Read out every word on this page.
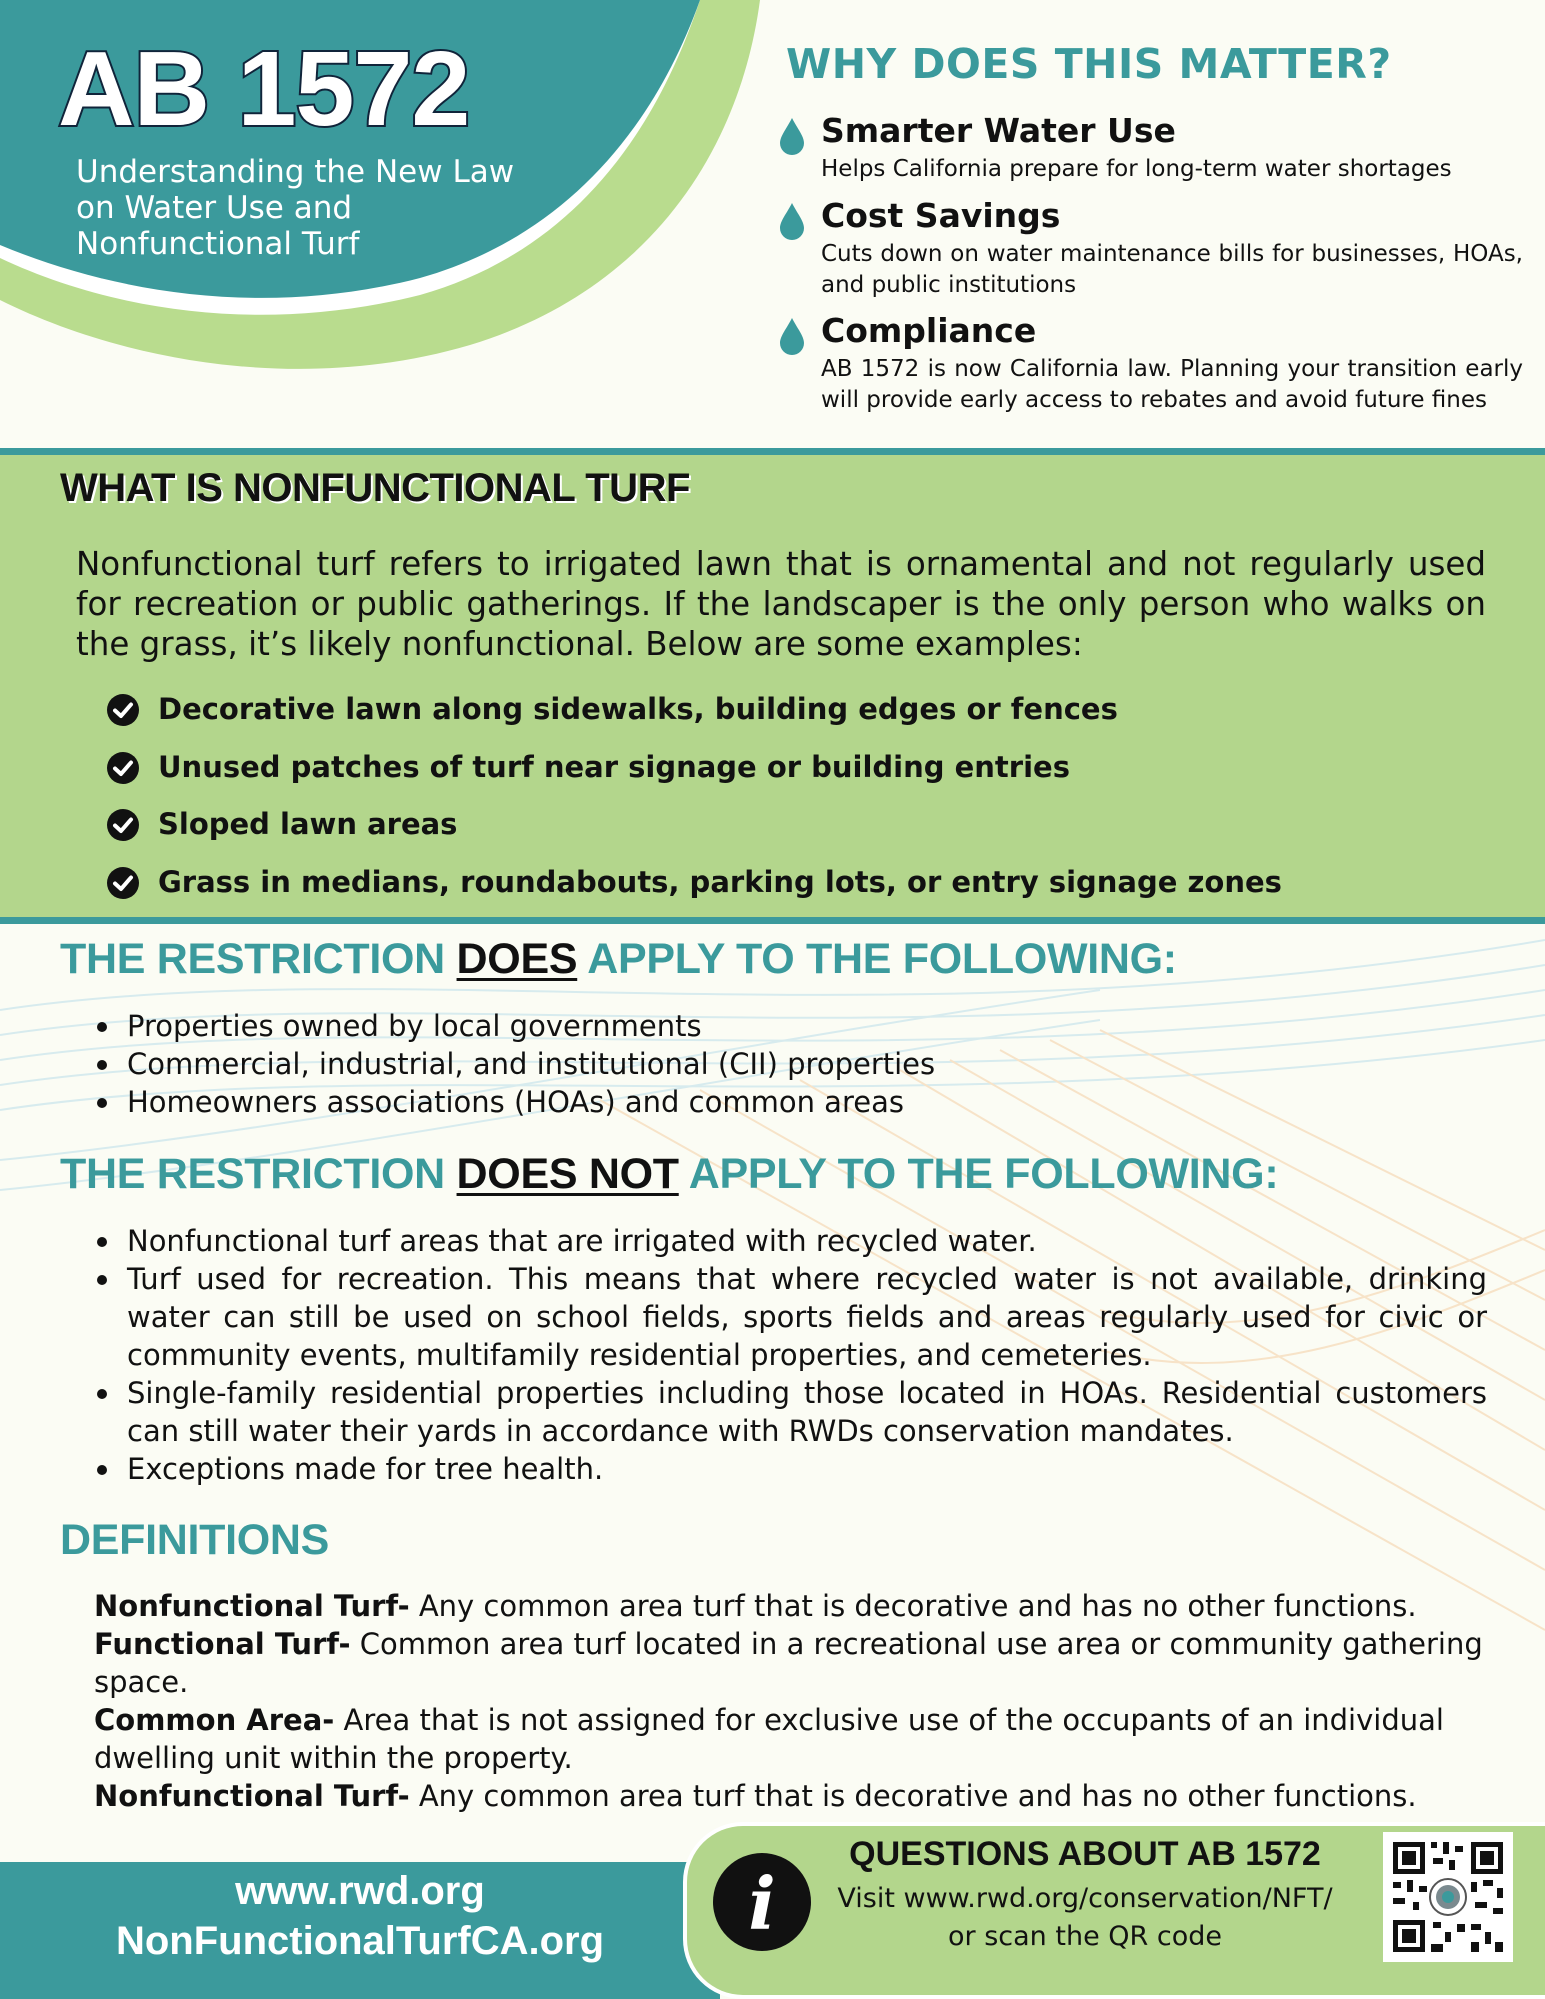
AB 1572
Understanding the New Law on Water Use and Nonfunctional Turf
WHY DOES THIS MATTER?
Smarter Water Use

Helps California prepare for long-term water shortages

Cost Savings

Cuts down on water maintenance bills for businesses, HOAs, and public institutions

Compliance

AB 1572 is now California law. Planning your transition early will provide early access to rebates and avoid future fines

WHAT IS NONFUNCTIONAL TURF
Nonfunctional turf refers to irrigated lawn that is ornamental and not regularly used for recreation or public gatherings. If the landscaper is the only person who walks on the grass, it’s likely nonfunctional. Below are some examples:
Decorative lawn along sidewalks, building edges or fences
Unused patches of turf near signage or building entries
Sloped lawn areas
Grass in medians, roundabouts, parking lots, or entry signage zones
THE RESTRICTION DOES APPLY TO THE FOLLOWING:
Properties owned by local governments
Commercial, industrial, and institutional (CII) properties
Homeowners associations (HOAs) and common areas
THE RESTRICTION DOES NOT APPLY TO THE FOLLOWING:
Nonfunctional turf areas that are irrigated with recycled water.
Turf used for recreation. This means that where recycled water is not available, drinking water can still be used on school fields, sports fields and areas regularly used for civic or community events, multifamily residential properties, and cemeteries.
Single-family residential properties including those located in HOAs. Residential customers can still water their yards in accordance with RWDs conservation mandates.
Exceptions made for tree health.
DEFINITIONS

Nonfunctional Turf- Any common area turf that is decorative and has no other functions.

Functional Turf- Common area turf located in a recreational use area or community gathering space.

Common Area- Area that is not assigned for exclusive use of the occupants of an individual dwelling unit within the property.

Nonfunctional Turf- Any common area turf that is decorative and has no other functions.

www.rwd.org
NonFunctionalTurfCA.org	i
QUESTIONS ABOUT AB 1572
Visit www.rwd.org/conservation/NFT/
or scan the QR code
